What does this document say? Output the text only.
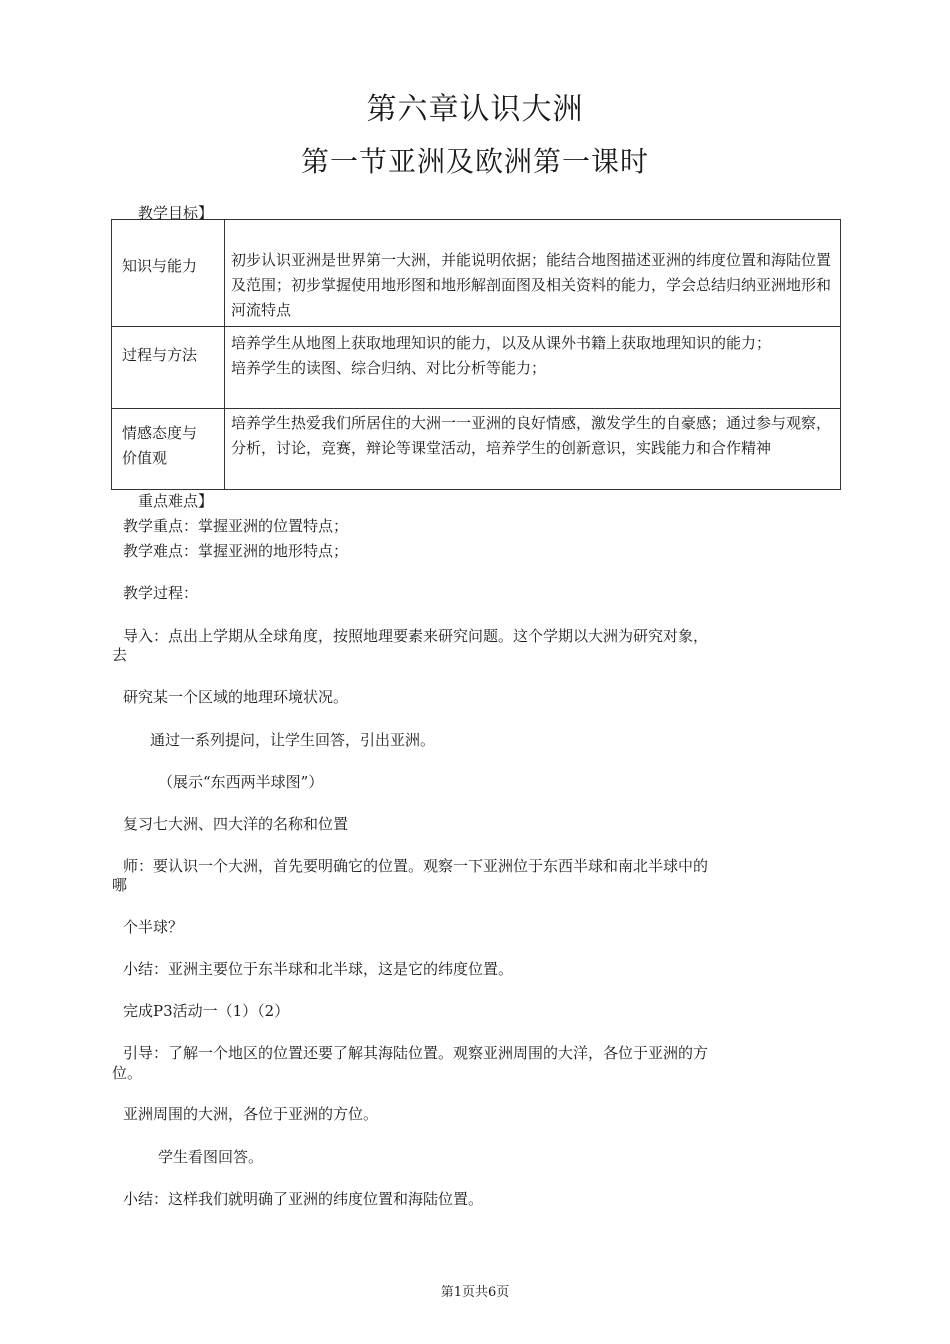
第六章认识大洲
第一节亚洲及欧洲第一课时
教学目标】
知识与能力	初步认识亚洲是世界第一大洲，并能说明依据；能结合地图描述亚洲的纬度位置和海陆位置及范围；初步掌握使用地形图和地形解剖面图及相关资料的能力，学会总结归纳亚洲地形和河流特点

过程与方法	培养学生从地图上获取地理知识的能力，以及从课外书籍上获取地理知识的能力；
培养学生的读图、综合归纳、对比分析等能力；

情感态度与价值观	培养学生热爱我们所居住的大洲一一亚洲的良好情感，激发学生的自豪感；通过参与观察，分析，讨论，竞赛，辩论等课堂活动，培养学生的创新意识，实践能力和合作精神
重点难点】
教学重点：掌握亚洲的位置特点；
教学难点：掌握亚洲的地形特点；
教学过程：
导入：点出上学期从全球角度，按照地理要素来研究问题。这个学期以大洲为研究对象，
去
研究某一个区域的地理环境状况。
通过一系列提问，让学生回答，引出亚洲。
（展示“东西两半球图”）
复习七大洲、四大洋的名称和位置
师：要认识一个大洲，首先要明确它的位置。观察一下亚洲位于东西半球和南北半球中的
哪
个半球？
小结：亚洲主要位于东半球和北半球，这是它的纬度位置。
完成P3活动一（1）（2）
引导：了解一个地区的位置还要了解其海陆位置。观察亚洲周围的大洋，各位于亚洲的方
位。
亚洲周围的大洲，各位于亚洲的方位。
学生看图回答。
小结：这样我们就明确了亚洲的纬度位置和海陆位置。
第1页共6页
